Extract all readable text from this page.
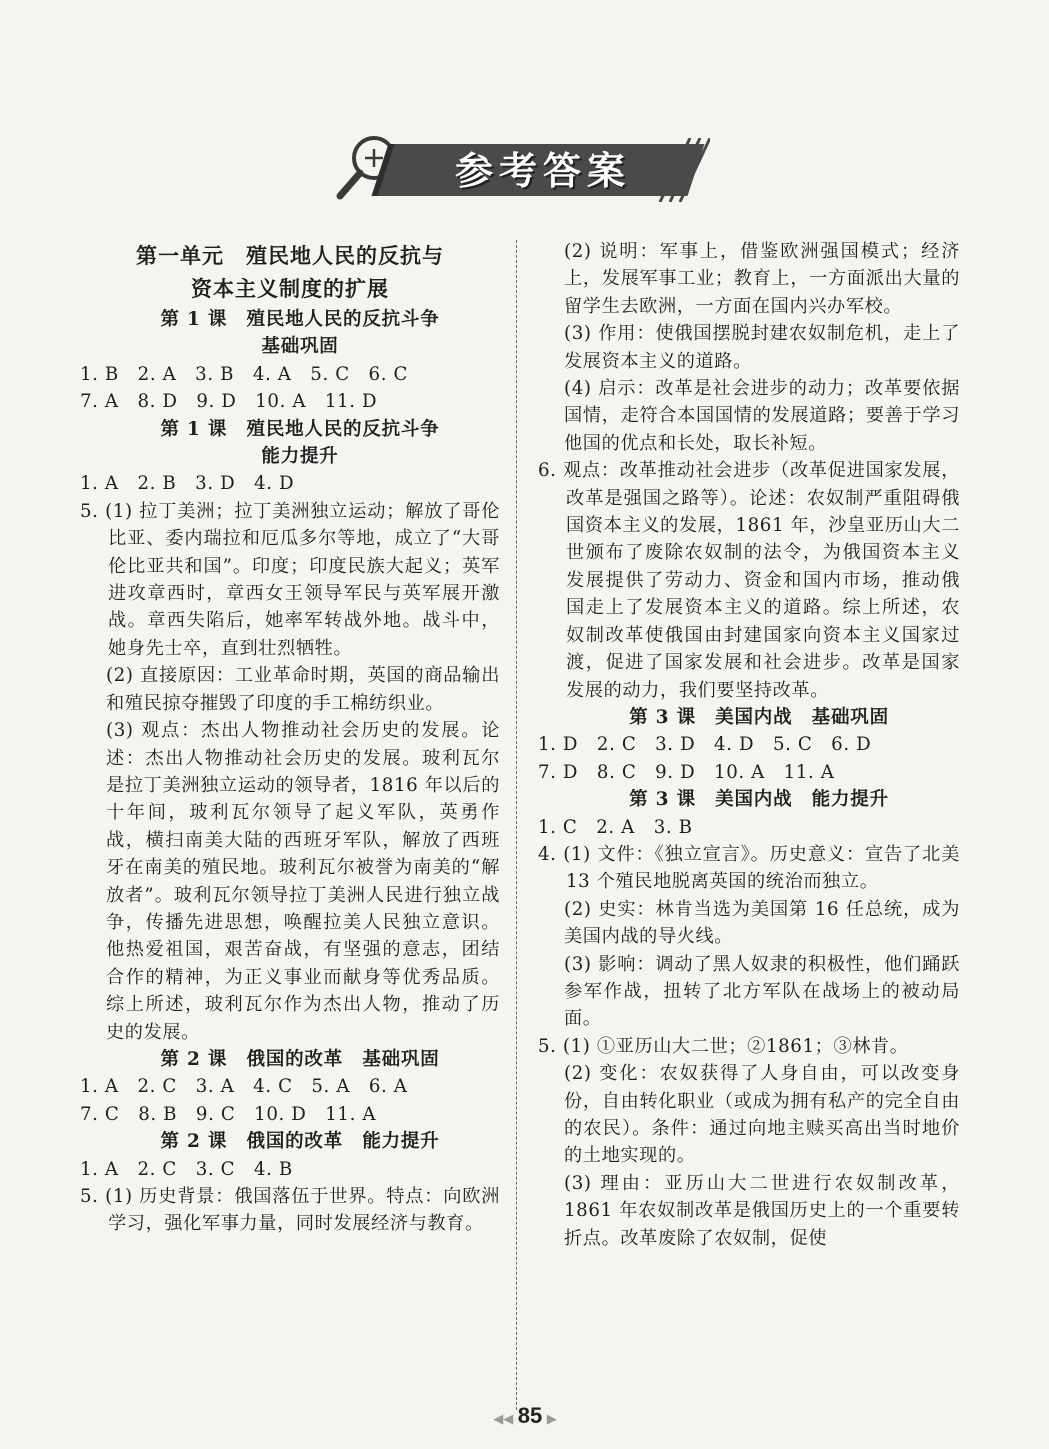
参考答案
第一单元　殖民地人民的反抗与
资本主义制度的扩展
第 1 课　殖民地人民的反抗斗争
基础巩固
1. B　2. A　3. B　4. A　5. C　6. C
7. A　8. D　9. D　10. A　11. D
第 1 课　殖民地人民的反抗斗争
能力提升
1. A　2. B　3. D　4. D
5. (1) 拉丁美洲；拉丁美洲独立运动；解放了哥伦比亚、委内瑞拉和厄瓜多尔等地，成立了“大哥伦比亚共和国”。印度；印度民族大起义；英军进攻章西时，章西女王领导军民与英军展开激战。章西失陷后，她率军转战外地。战斗中，她身先士卒，直到壮烈牺牲。
(2) 直接原因：工业革命时期，英国的商品输出和殖民掠夺摧毁了印度的手工棉纺织业。
(3) 观点：杰出人物推动社会历史的发展。论述：杰出人物推动社会历史的发展。玻利瓦尔是拉丁美洲独立运动的领导者，1816 年以后的十年间，玻利瓦尔领导了起义军队，英勇作战，横扫南美大陆的西班牙军队，解放了西班牙在南美的殖民地。玻利瓦尔被誉为南美的“解放者”。玻利瓦尔领导拉丁美洲人民进行独立战争，传播先进思想，唤醒拉美人民独立意识。他热爱祖国，艰苦奋战，有坚强的意志，团结合作的精神，为正义事业而献身等优秀品质。综上所述，玻利瓦尔作为杰出人物，推动了历史的发展。
第 2 课　俄国的改革　基础巩固
1. A　2. C　3. A　4. C　5. A　6. A
7. C　8. B　9. C　10. D　11. A
第 2 课　俄国的改革　能力提升
1. A　2. C　3. C　4. B
5. (1) 历史背景：俄国落伍于世界。特点：向欧洲学习，强化军事力量，同时发展经济与教育。
(2) 说明：军事上，借鉴欧洲强国模式；经济上，发展军事工业；教育上，一方面派出大量的留学生去欧洲，一方面在国内兴办军校。
(3) 作用：使俄国摆脱封建农奴制危机，走上了发展资本主义的道路。
(4) 启示：改革是社会进步的动力；改革要依据国情，走符合本国国情的发展道路；要善于学习他国的优点和长处，取长补短。
6. 观点：改革推动社会进步（改革促进国家发展，改革是强国之路等）。论述：农奴制严重阻碍俄国资本主义的发展，1861 年，沙皇亚历山大二世颁布了废除农奴制的法令，为俄国资本主义发展提供了劳动力、资金和国内市场，推动俄国走上了发展资本主义的道路。综上所述，农奴制改革使俄国由封建国家向资本主义国家过渡，促进了国家发展和社会进步。改革是国家发展的动力，我们要坚持改革。
第 3 课　美国内战　基础巩固
1. D　2. C　3. D　4. D　5. C　6. D
7. D　8. C　9. D　10. A　11. A
第 3 课　美国内战　能力提升
1. C　2. A　3. B
4. (1) 文件：《独立宣言》。历史意义：宣告了北美 13 个殖民地脱离英国的统治而独立。
(2) 史实：林肯当选为美国第 16 任总统，成为美国内战的导火线。
(3) 影响：调动了黑人奴隶的积极性，他们踊跃参军作战，扭转了北方军队在战场上的被动局面。
5. (1) ①亚历山大二世；②1861；③林肯。
(2) 变化：农奴获得了人身自由，可以改变身份，自由转化职业（或成为拥有私产的完全自由的农民）。条件：通过向地主赎买高出当时地价的土地实现的。
(3) 理由：亚历山大二世进行农奴制改革，1861 年农奴制改革是俄国历史上的一个重要转折点。改革废除了农奴制，促使
◀◀ 85 ▶
